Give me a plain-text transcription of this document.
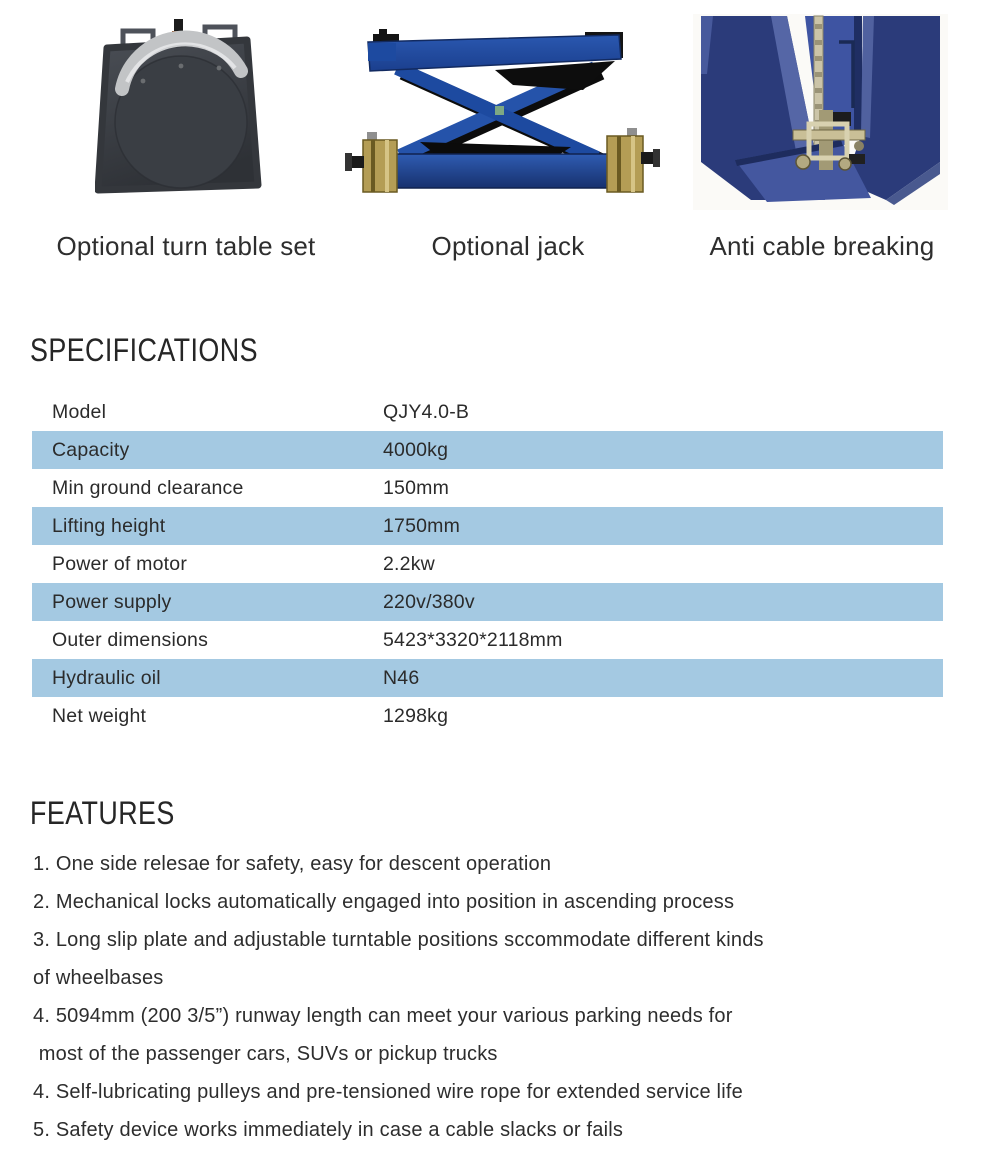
Optional turn table set	Optional jack	Anti cable breaking
SPECIFICATIONS
Model	QJY4.0-B
Capacity	4000kg
Min ground clearance	150mm
Lifting height	1750mm
Power of motor	2.2kw
Power supply	220v/380v
Outer dimensions	5423*3320*2118mm
Hydraulic oil	N46
Net weight	1298kg
FEATURES
1. One side relesae for safety, easy for descent operation
2. Mechanical locks automatically engaged into position in ascending process
3. Long slip plate and adjustable turntable positions sccommodate different kinds
of wheelbases
4. 5094mm (200 3/5”) runway length can meet your various parking needs for
most of the passenger cars, SUVs or pickup trucks
4. Self-lubricating pulleys and pre-tensioned wire rope for extended service life
5. Safety device works immediately in case a cable slacks or fails
